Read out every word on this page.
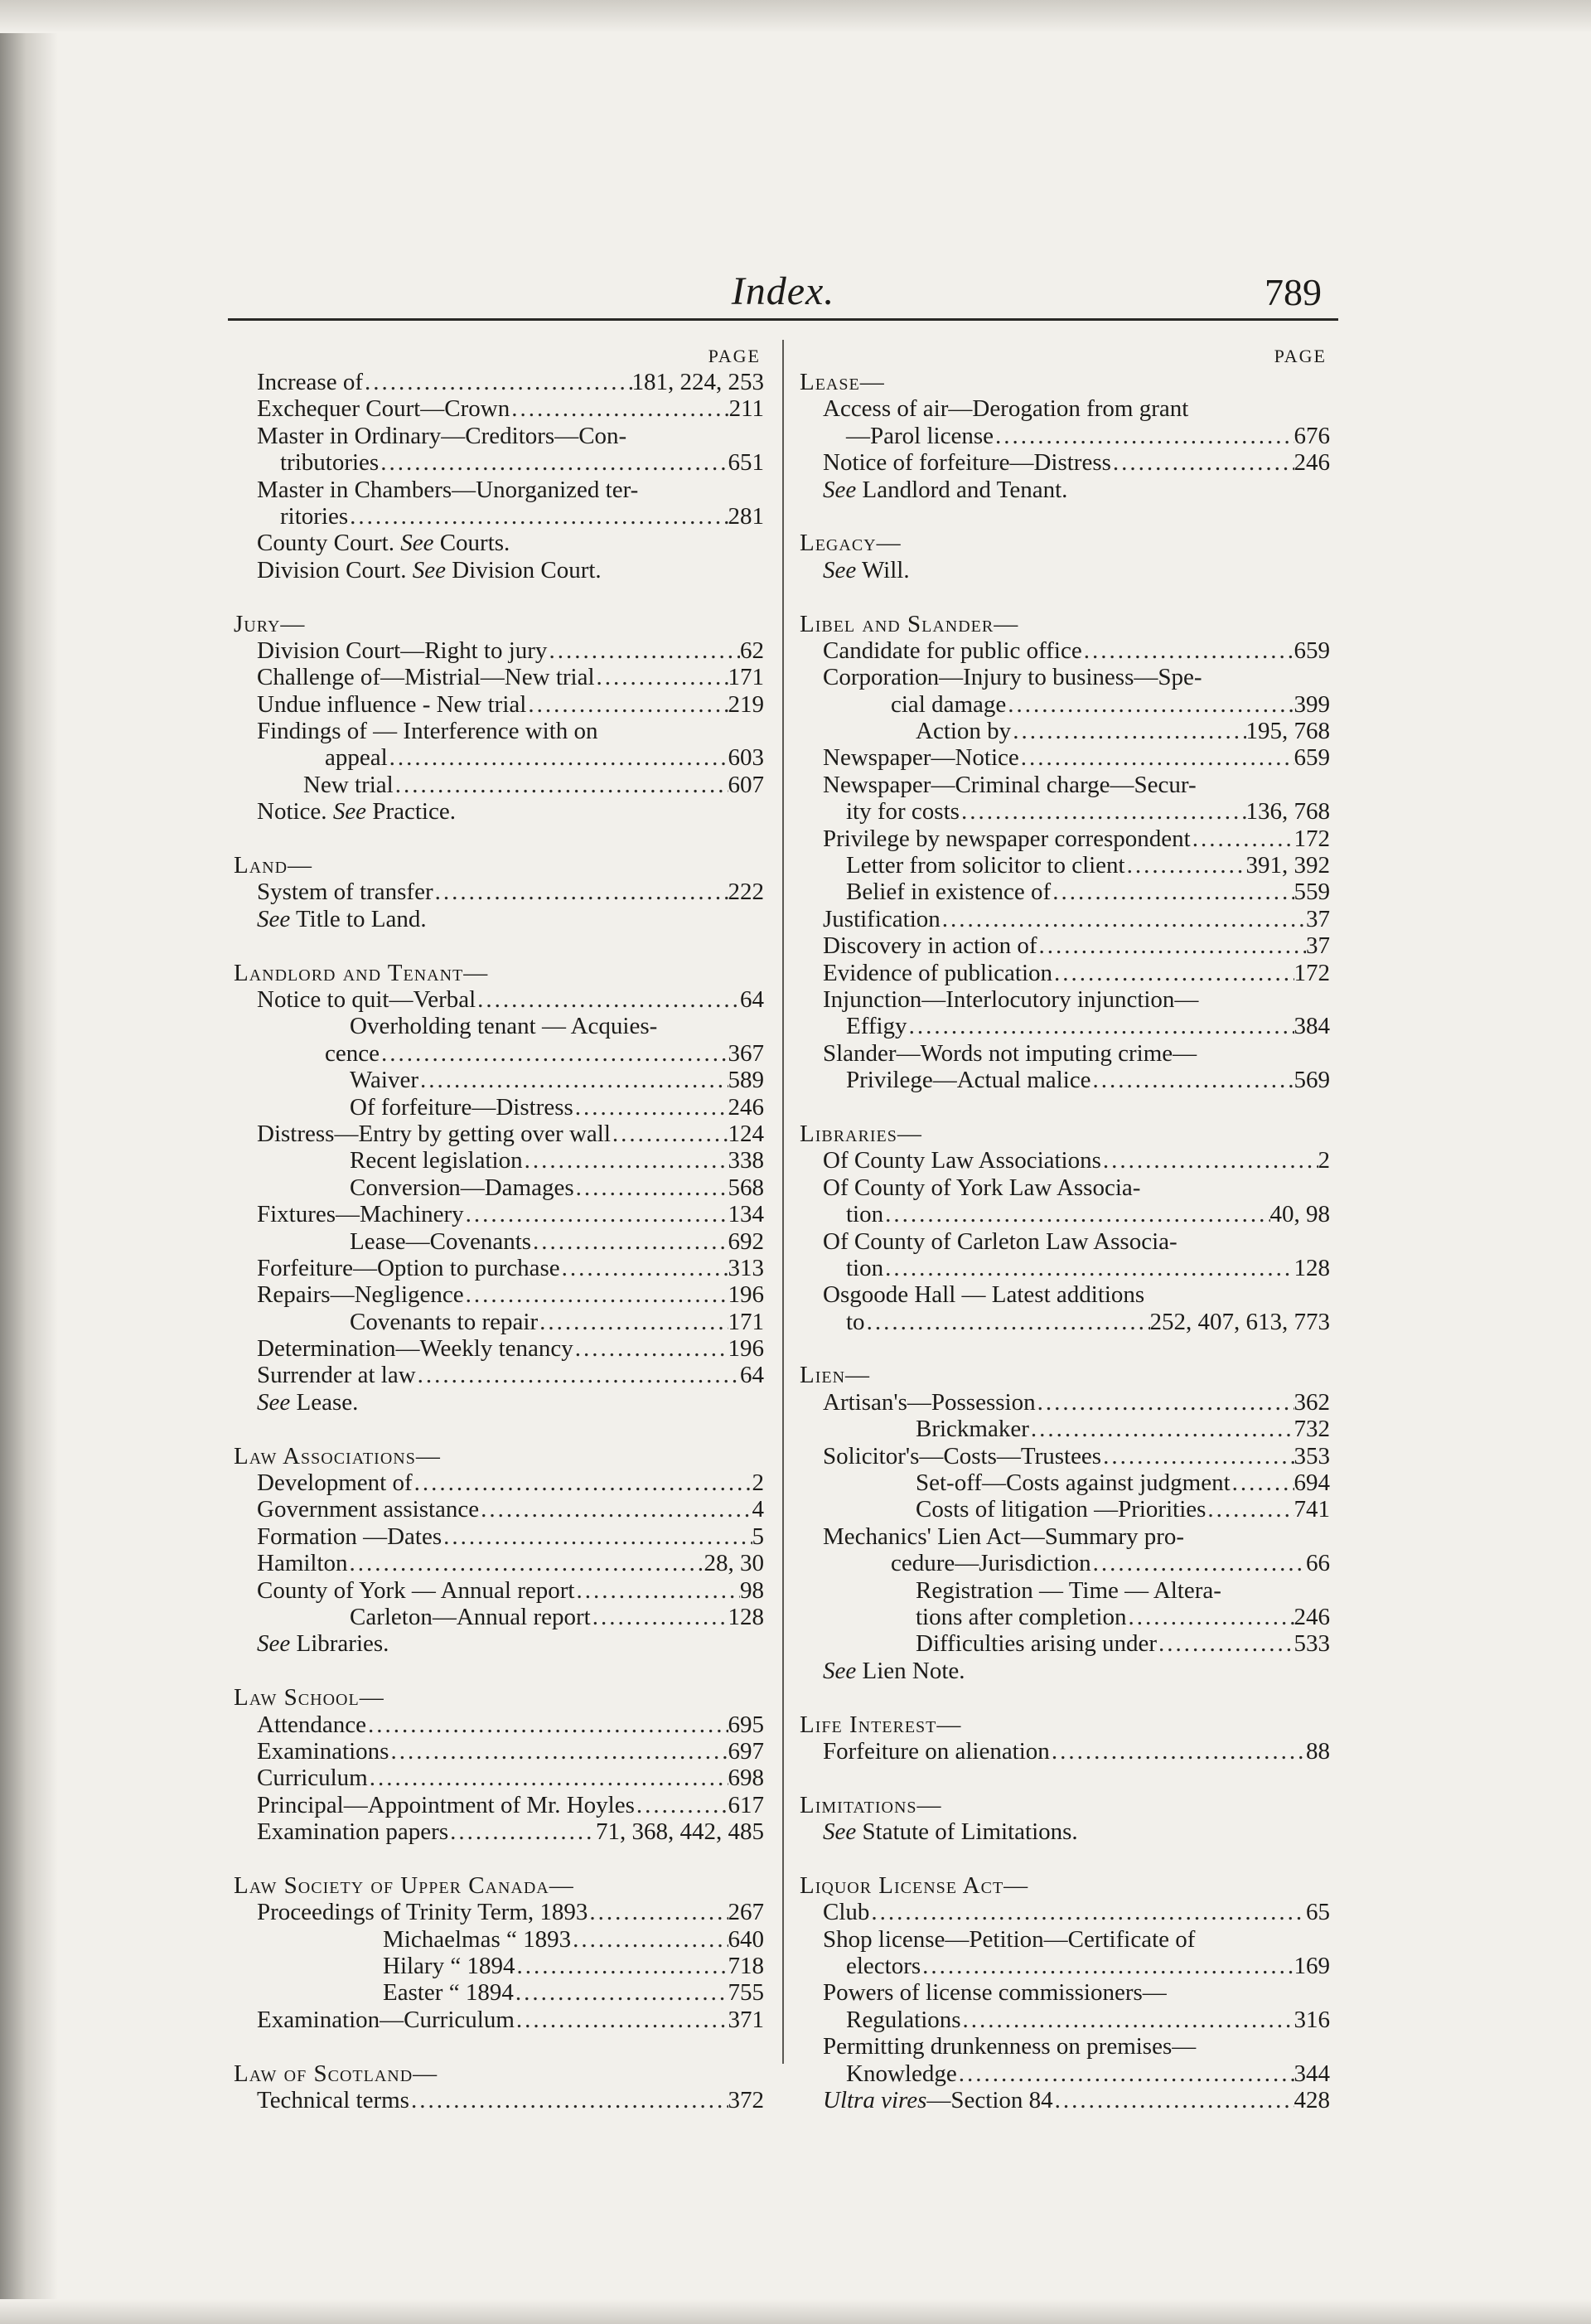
Index.	789
PAGE
Increase of .....	181, 224, 253
Exchequer Court—Crown .....	211
Master in Ordinary—Creditors—Con-
tributories .....	651
Master in Chambers—Unorganized ter-
ritories .....	281
County Court. See Courts.
Division Court. See Division Court.
Jury—
Division Court—Right to jury .....	62
Challenge of—Mistrial—New trial .....	171
Undue influence - New trial .....	219
Findings of — Interference with on
appeal .....	603
New trial .....	607
Notice. See Practice.
Land—
System of transfer .....	222
See Title to Land.
Landlord and Tenant—
Notice to quit—Verbal .....	64
Overholding tenant — Acquies-
cence .....	367
Waiver .....	589
Of forfeiture—Distress .....	246
Distress—Entry by getting over wall .....	124
Recent legislation .....	338
Conversion—Damages .....	568
Fixtures—Machinery .....	134
Lease—Covenants .....	692
Forfeiture—Option to purchase .....	313
Repairs—Negligence .....	196
Covenants to repair .....	171
Determination—Weekly tenancy .....	196
Surrender at law .....	64
See Lease.
Law Associations—
Development of .....	2
Government assistance .....	4
Formation —Dates .....	5
Hamilton .....	28, 30
County of York — Annual report .....	98
Carleton—Annual report .....	128
See Libraries.
Law School—
Attendance .....	695
Examinations .....	697
Curriculum .....	698
Principal—Appointment of Mr. Hoyles .....	617
Examination papers .....	71, 368, 442, 485
Law Society of Upper Canada—
Proceedings of Trinity Term, 1893 .....	267
Michaelmas “ 1893 .....	640
Hilary “ 1894 .....	718
Easter “ 1894 .....	755
Examination—Curriculum .....	371
Law of Scotland—
Technical terms .....	372
PAGE
Lease—
Access of air—Derogation from grant
—Parol license .....	676
Notice of forfeiture—Distress .....	246
See Landlord and Tenant.
Legacy—
See Will.
Libel and Slander—
Candidate for public office .....	659
Corporation—Injury to business—Spe-
cial damage .....	399
Action by .....	195, 768
Newspaper—Notice .....	659
Newspaper—Criminal charge—Secur-
ity for costs .....	136, 768
Privilege by newspaper correspondent .....	172
Letter from solicitor to client .....	391, 392
Belief in existence of .....	559
Justification .....	37
Discovery in action of .....	37
Evidence of publication .....	172
Injunction—Interlocutory injunction—
Effigy .....	384
Slander—Words not imputing crime—
Privilege—Actual malice .....	569
Libraries—
Of County Law Associations .....	2
Of County of York Law Associa-
tion .....	40, 98
Of County of Carleton Law Associa-
tion .....	128
Osgoode Hall — Latest additions
to .....	252, 407, 613, 773
Lien—
Artisan's—Possession .....	362
Brickmaker .....	732
Solicitor's—Costs—Trustees .....	353
Set-off—Costs against judgment .....	694
Costs of litigation —Priorities .....	741
Mechanics' Lien Act—Summary pro-
cedure—Jurisdiction .....	66
Registration — Time — Altera-
tions after completion .....	246
Difficulties arising under .....	533
See Lien Note.
Life Interest—
Forfeiture on alienation .....	88
Limitations—
See Statute of Limitations.
Liquor License Act—
Club .....	65
Shop license—Petition—Certificate of
electors .....	169
Powers of license commissioners—
Regulations .....	316
Permitting drunkenness on premises—
Knowledge .....	344
Ultra vires—Section 84 .....	428
